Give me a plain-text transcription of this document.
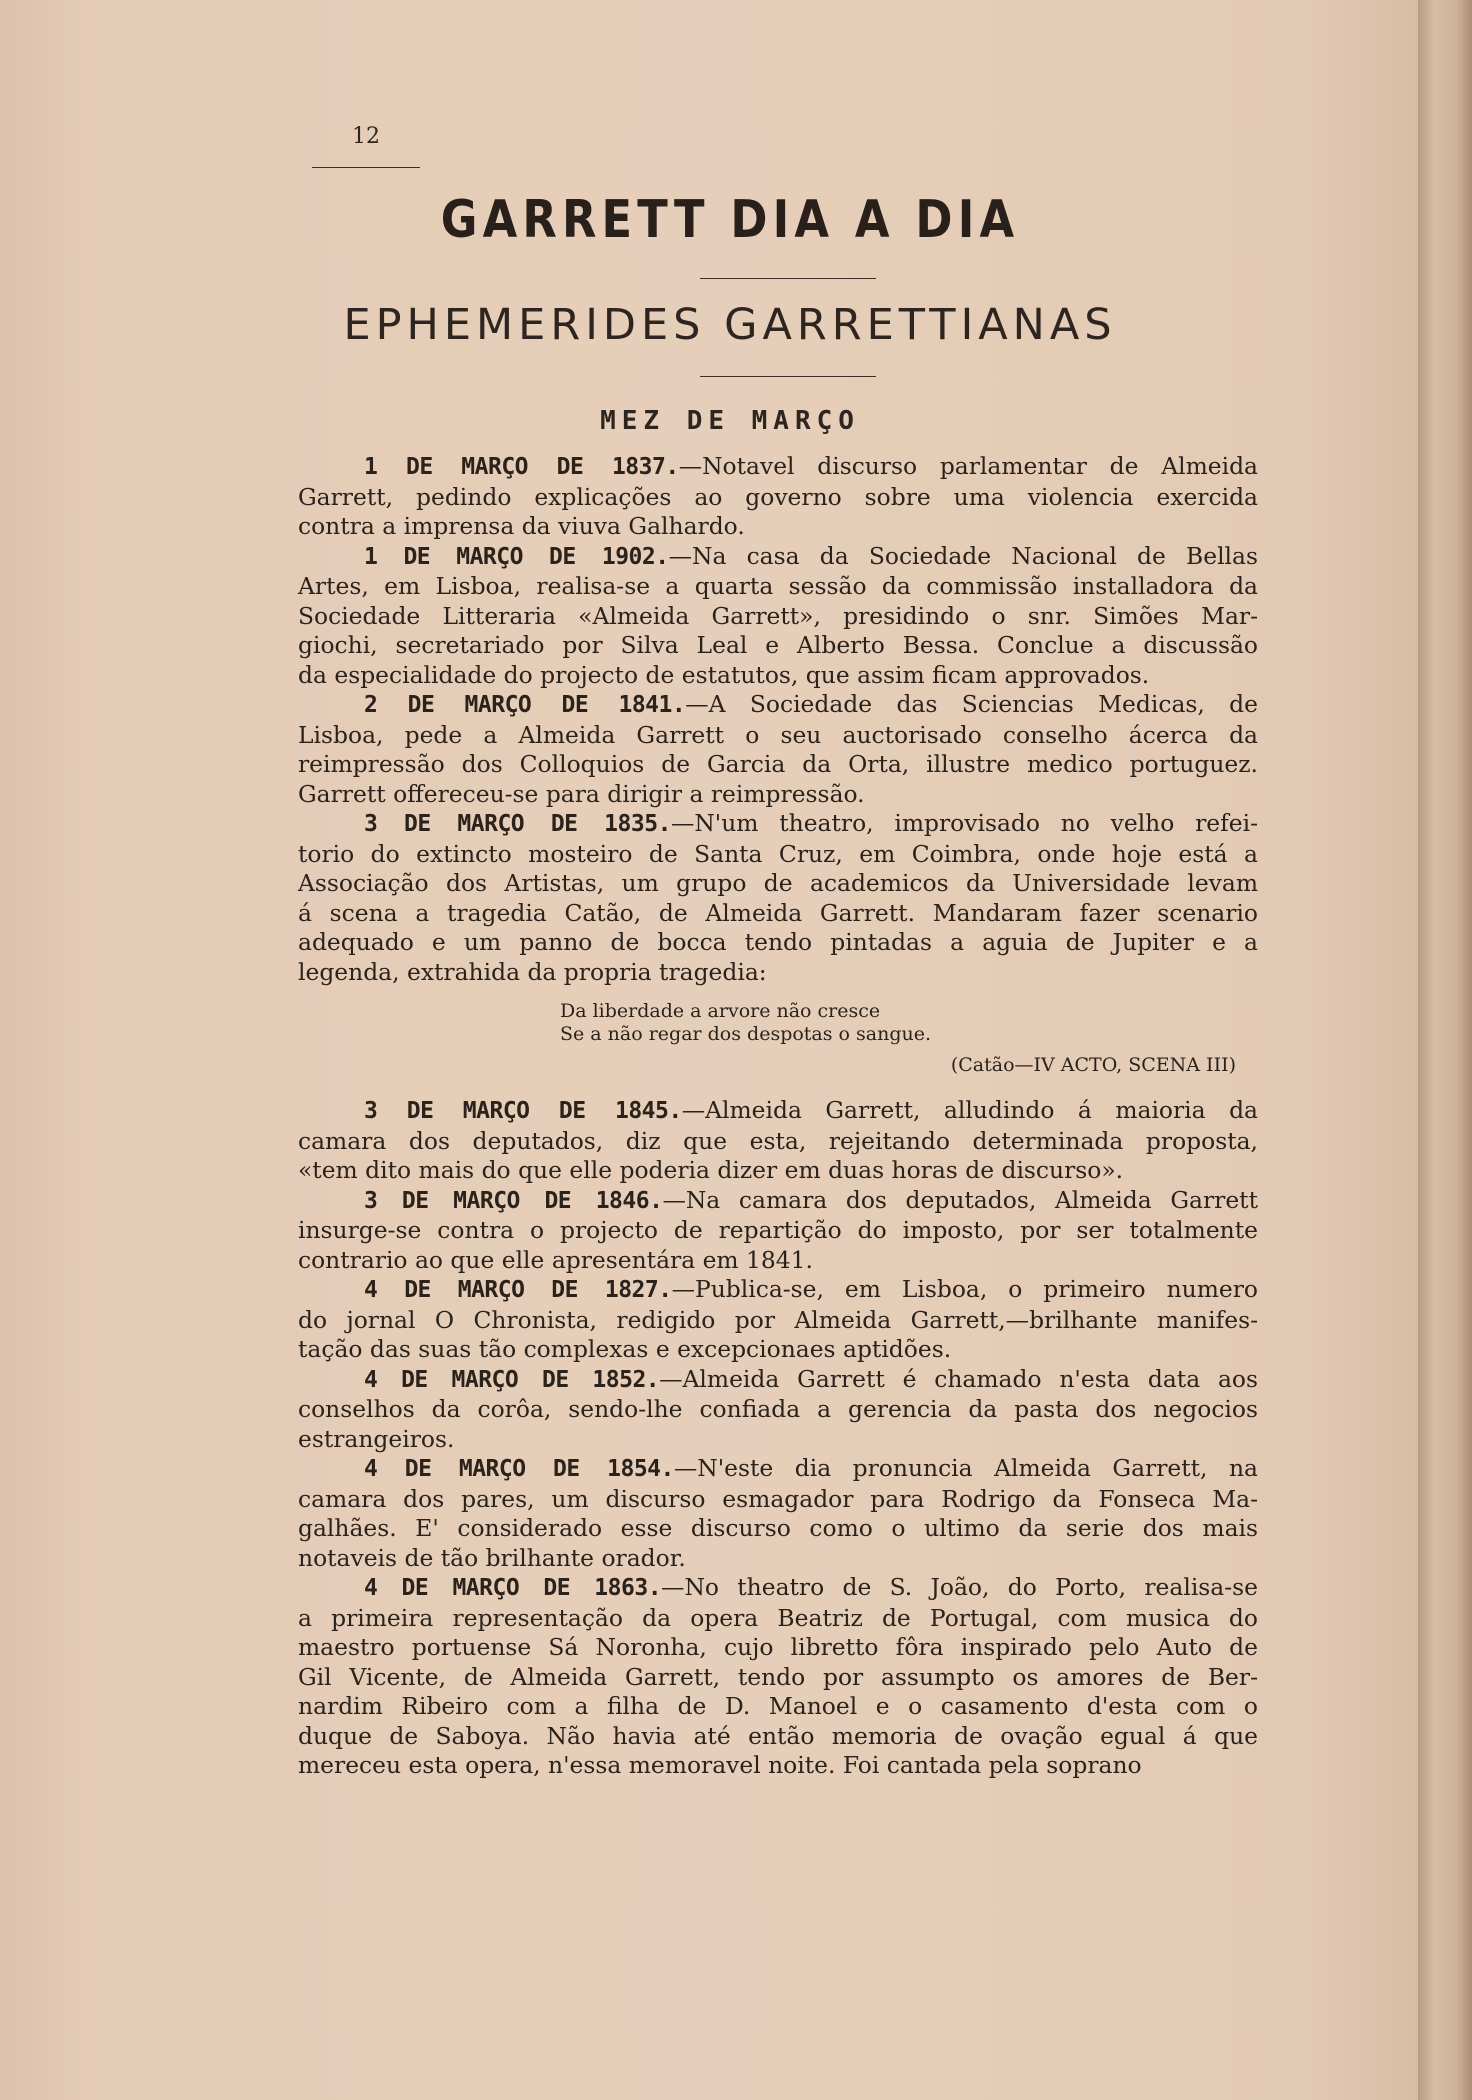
12
GARRETT DIA A DIA
EPHEMERIDES GARRETTIANAS
MEZ DE MARÇO

1 DE MARÇO DE 1837.—Notavel discurso parlamentar de Almeida

Garrett, pedindo explicações ao governo sobre uma violencia exercida

contra a imprensa da viuva Galhardo.

1 DE MARÇO DE 1902.—Na casa da Sociedade Nacional de Bellas

Artes, em Lisboa, realisa-se a quarta sessão da commissão installadora da

Sociedade Litteraria «Almeida Garrett», presidindo o snr. Simões Mar-

giochi, secretariado por Silva Leal e Alberto Bessa. Conclue a discussão

da especialidade do projecto de estatutos, que assim ficam approvados.

2 DE MARÇO DE 1841.—A Sociedade das Sciencias Medicas, de

Lisboa, pede a Almeida Garrett o seu auctorisado conselho ácerca da

reimpressão dos Colloquios de Garcia da Orta, illustre medico portuguez.

Garrett offereceu-se para dirigir a reimpressão.

3 DE MARÇO DE 1835.—N'um theatro, improvisado no velho refei-

torio do extincto mosteiro de Santa Cruz, em Coimbra, onde hoje está a

Associação dos Artistas, um grupo de academicos da Universidade levam

á scena a tragedia Catão, de Almeida Garrett. Mandaram fazer scenario

adequado e um panno de bocca tendo pintadas a aguia de Jupiter e a

legenda, extrahida da propria tragedia:

Da liberdade a arvore não cresce
Se a não regar dos despotas o sangue.
(Catão—IV ACTO, SCENA III)

3 DE MARÇO DE 1845.—Almeida Garrett, alludindo á maioria da

camara dos deputados, diz que esta, rejeitando determinada proposta,

«tem dito mais do que elle poderia dizer em duas horas de discurso».

3 DE MARÇO DE 1846.—Na camara dos deputados, Almeida Garrett

insurge-se contra o projecto de repartição do imposto, por ser totalmente

contrario ao que elle apresentára em 1841.

4 DE MARÇO DE 1827.—Publica-se, em Lisboa, o primeiro numero

do jornal O Chronista, redigido por Almeida Garrett,—brilhante manifes-

tação das suas tão complexas e excepcionaes aptidões.

4 DE MARÇO DE 1852.—Almeida Garrett é chamado n'esta data aos

conselhos da corôa, sendo-lhe confiada a gerencia da pasta dos negocios

estrangeiros.

4 DE MARÇO DE 1854.—N'este dia pronuncia Almeida Garrett, na

camara dos pares, um discurso esmagador para Rodrigo da Fonseca Ma-

galhães. E' considerado esse discurso como o ultimo da serie dos mais

notaveis de tão brilhante orador.

4 DE MARÇO DE 1863.—No theatro de S. João, do Porto, realisa-se

a primeira representação da opera Beatriz de Portugal, com musica do

maestro portuense Sá Noronha, cujo libretto fôra inspirado pelo Auto de

Gil Vicente, de Almeida Garrett, tendo por assumpto os amores de Ber-

nardim Ribeiro com a filha de D. Manoel e o casamento d'esta com o

duque de Saboya. Não havia até então memoria de ovação egual á que

mereceu esta opera, n'essa memoravel noite. Foi cantada pela soprano
